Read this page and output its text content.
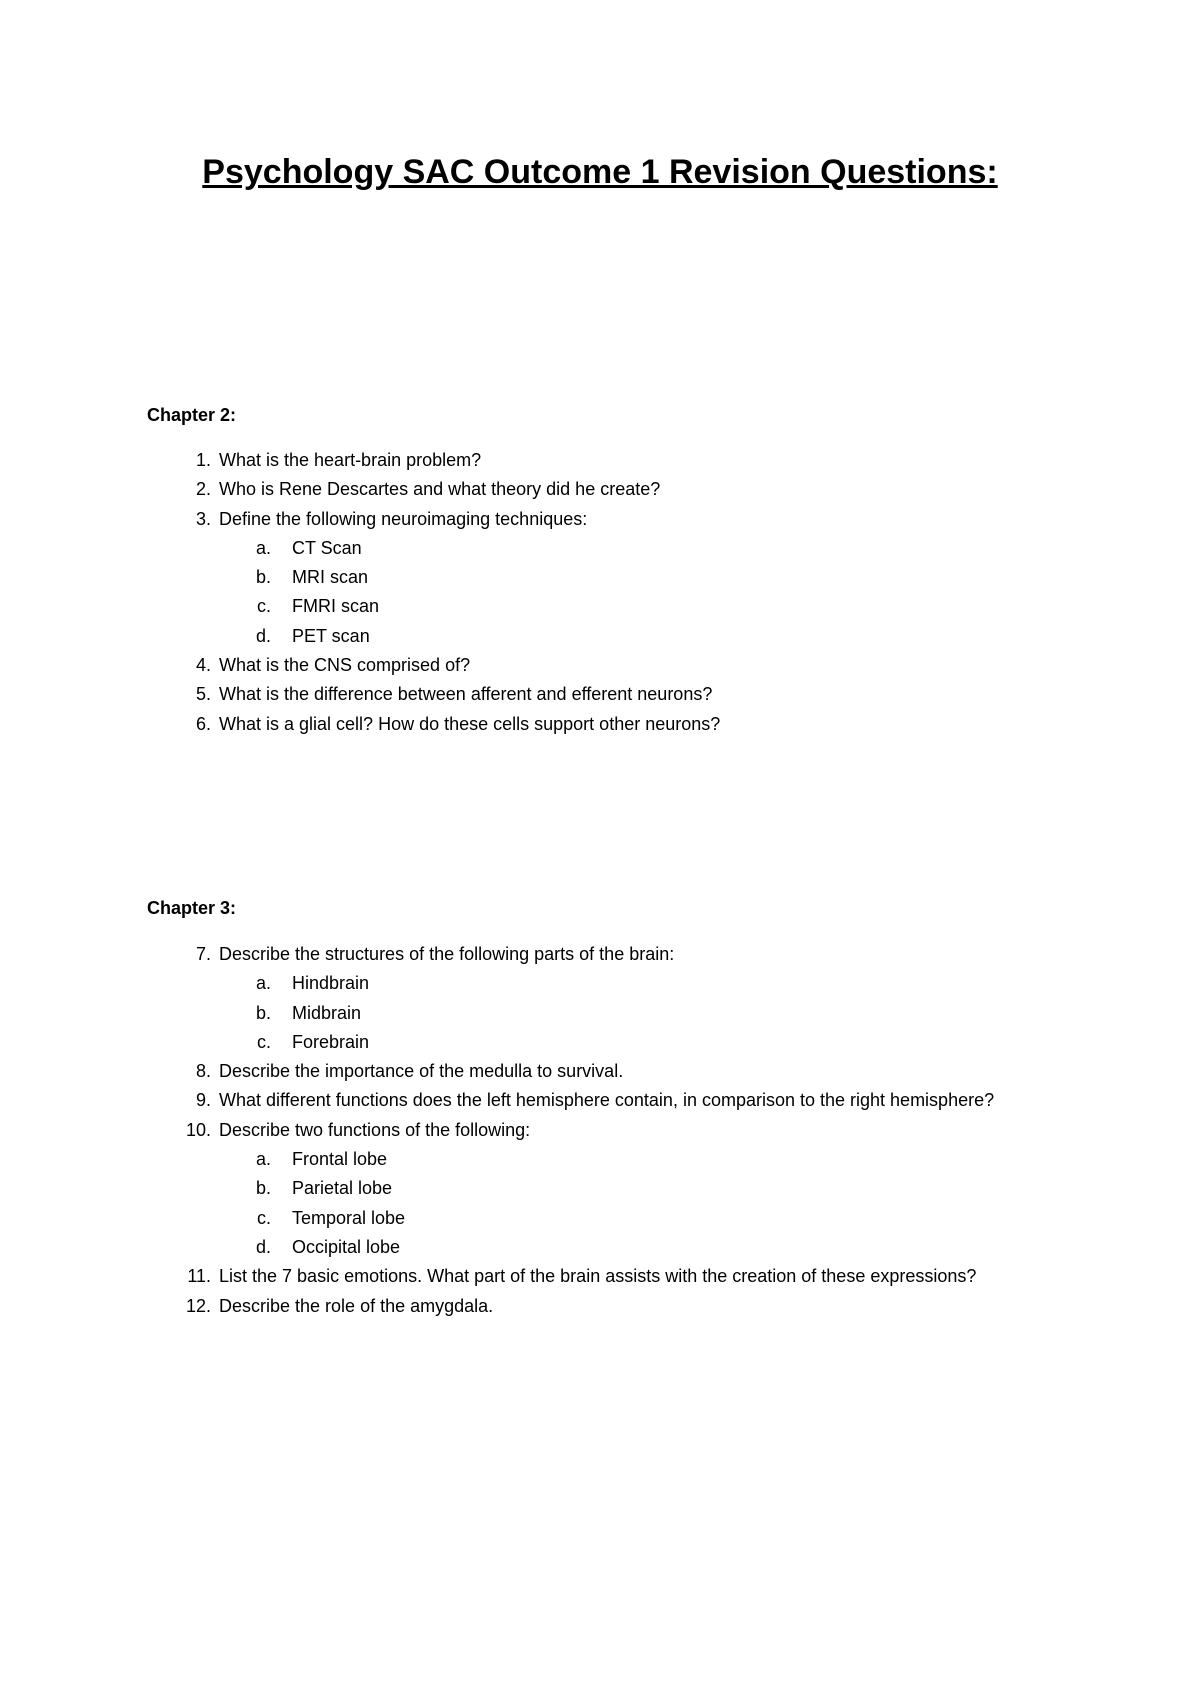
Psychology SAC Outcome 1 Revision Questions:
Chapter 2:
1. What is the heart-brain problem?
2. Who is Rene Descartes and what theory did he create?
3. Define the following neuroimaging techniques:
a. CT Scan
b. MRI scan
c. FMRI scan
d. PET scan
4. What is the CNS comprised of?
5. What is the difference between afferent and efferent neurons?
6. What is a glial cell? How do these cells support other neurons?
Chapter 3:
7. Describe the structures of the following parts of the brain:
a. Hindbrain
b. Midbrain
c. Forebrain
8. Describe the importance of the medulla to survival.
9. What different functions does the left hemisphere contain, in comparison to the right hemisphere?
10. Describe two functions of the following:
a. Frontal lobe
b. Parietal lobe
c. Temporal lobe
d. Occipital lobe
11. List the 7 basic emotions. What part of the brain assists with the creation of these expressions?
12. Describe the role of the amygdala.
